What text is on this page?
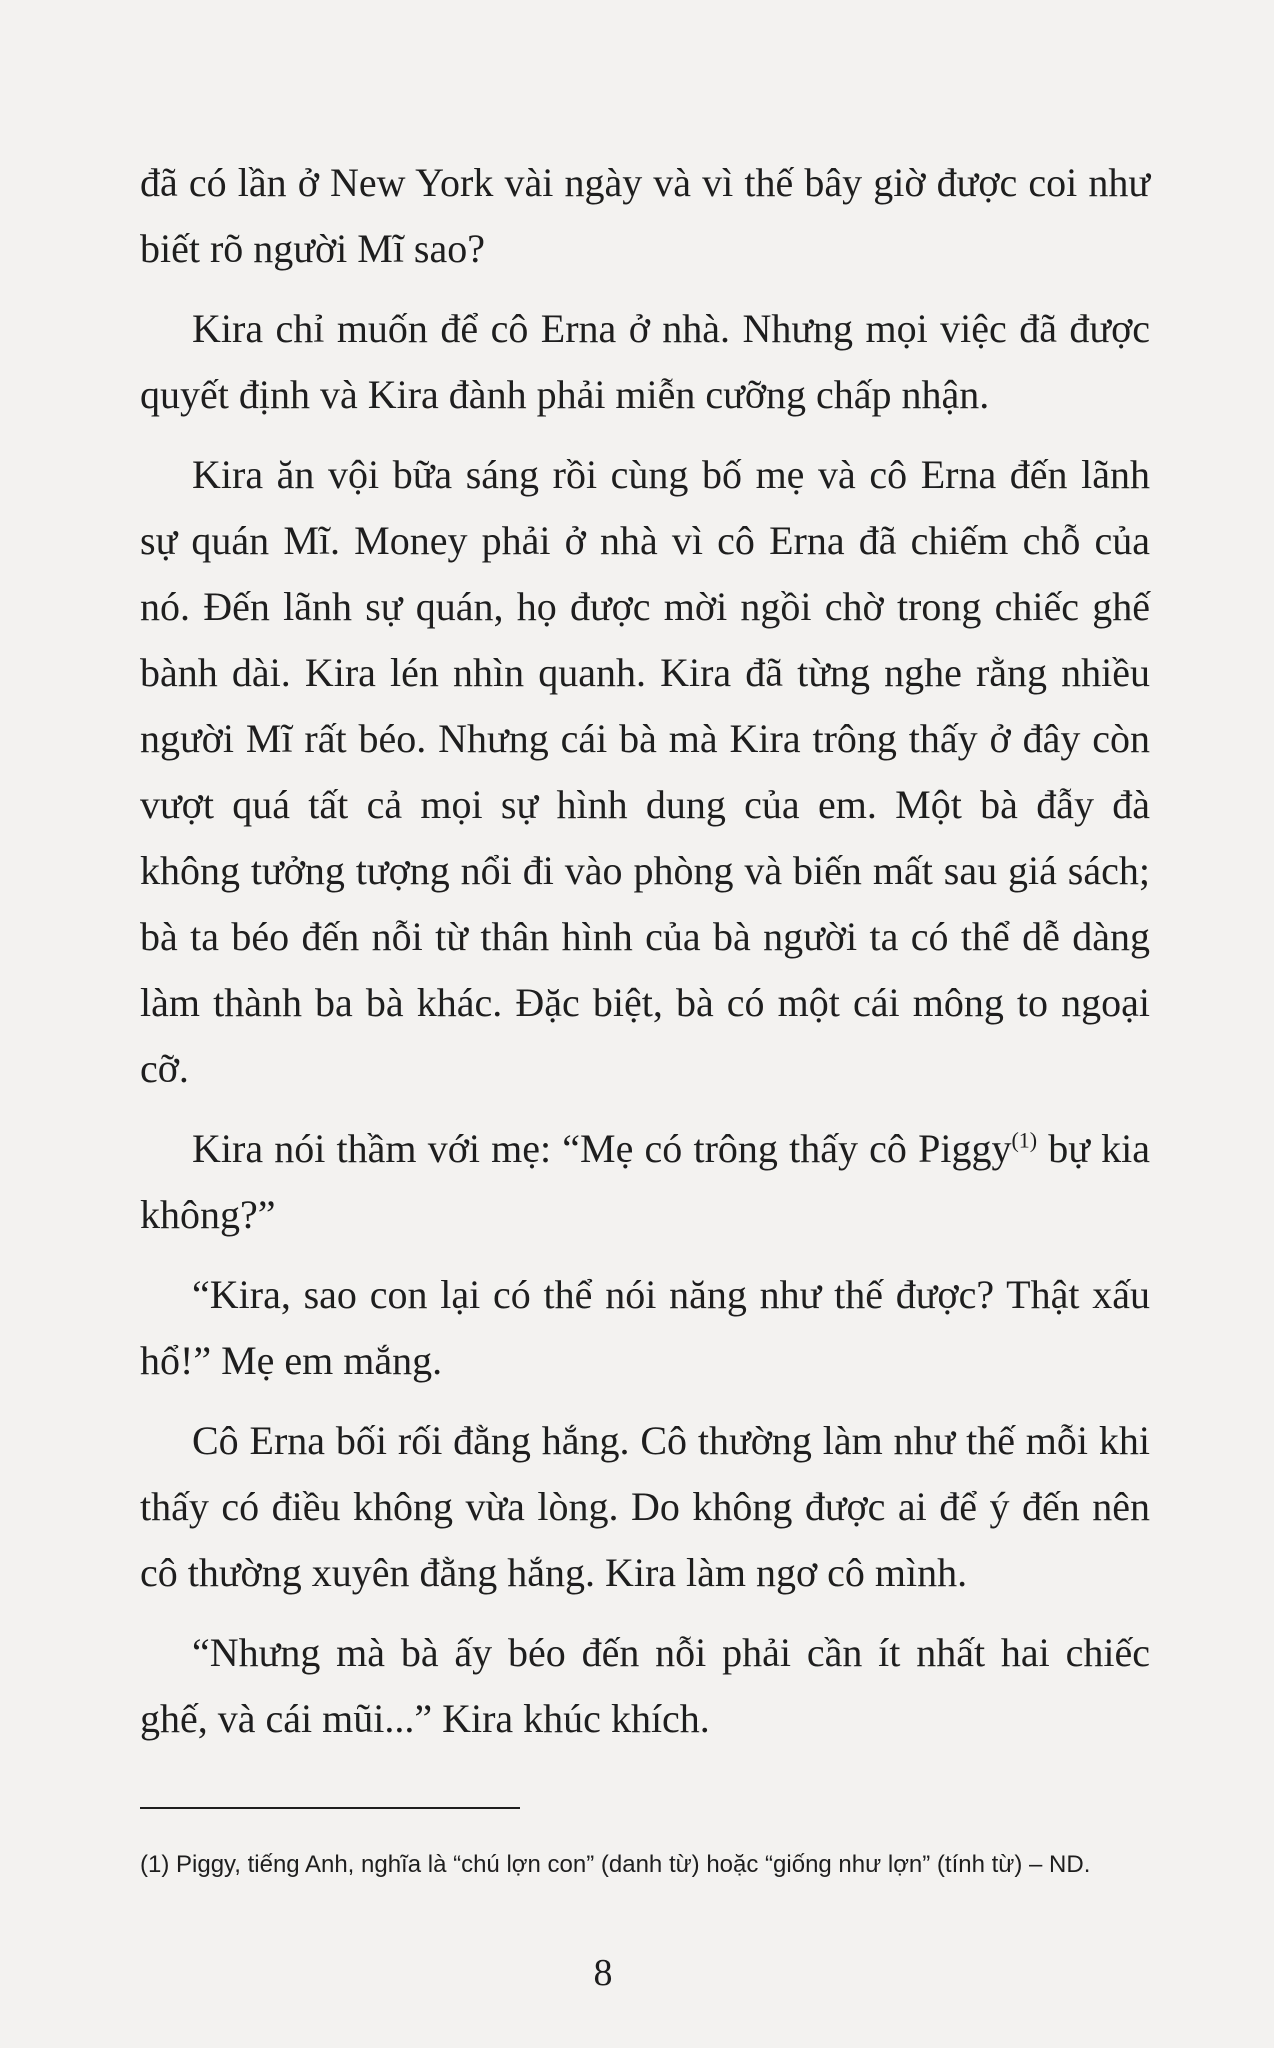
đã có lần ở New York vài ngày và vì thế bây giờ được coi như biết rõ người Mĩ sao?

Kira chỉ muốn để cô Erna ở nhà. Nhưng mọi việc đã được quyết định và Kira đành phải miễn cưỡng chấp nhận.

Kira ăn vội bữa sáng rồi cùng bố mẹ và cô Erna đến lãnh sự quán Mĩ. Money phải ở nhà vì cô Erna đã chiếm chỗ của nó. Đến lãnh sự quán, họ được mời ngồi chờ trong chiếc ghế bành dài. Kira lén nhìn quanh. Kira đã từng nghe rằng nhiều người Mĩ rất béo. Nhưng cái bà mà Kira trông thấy ở đây còn vượt quá tất cả mọi sự hình dung của em. Một bà đẫy đà không tưởng tượng nổi đi vào phòng và biến mất sau giá sách; bà ta béo đến nỗi từ thân hình của bà người ta có thể dễ dàng làm thành ba bà khác. Đặc biệt, bà có một cái mông to ngoại cỡ.

Kira nói thầm với mẹ: “Mẹ có trông thấy cô Piggy$^{(1)}$ bự kia không?”

“Kira, sao con lại có thể nói năng như thế được? Thật xấu hổ!” Mẹ em mắng.

Cô Erna bối rối đằng hắng. Cô thường làm như thế mỗi khi thấy có điều không vừa lòng. Do không được ai để ý đến nên cô thường xuyên đằng hắng. Kira làm ngơ cô mình.

“Nhưng mà bà ấy béo đến nỗi phải cần ít nhất hai chiếc ghế, và cái mũi...” Kira khúc khích.

(1) Piggy, tiếng Anh, nghĩa là “chú lợn con” (danh từ) hoặc “giống như lợn” (tính từ) – ND.
8
